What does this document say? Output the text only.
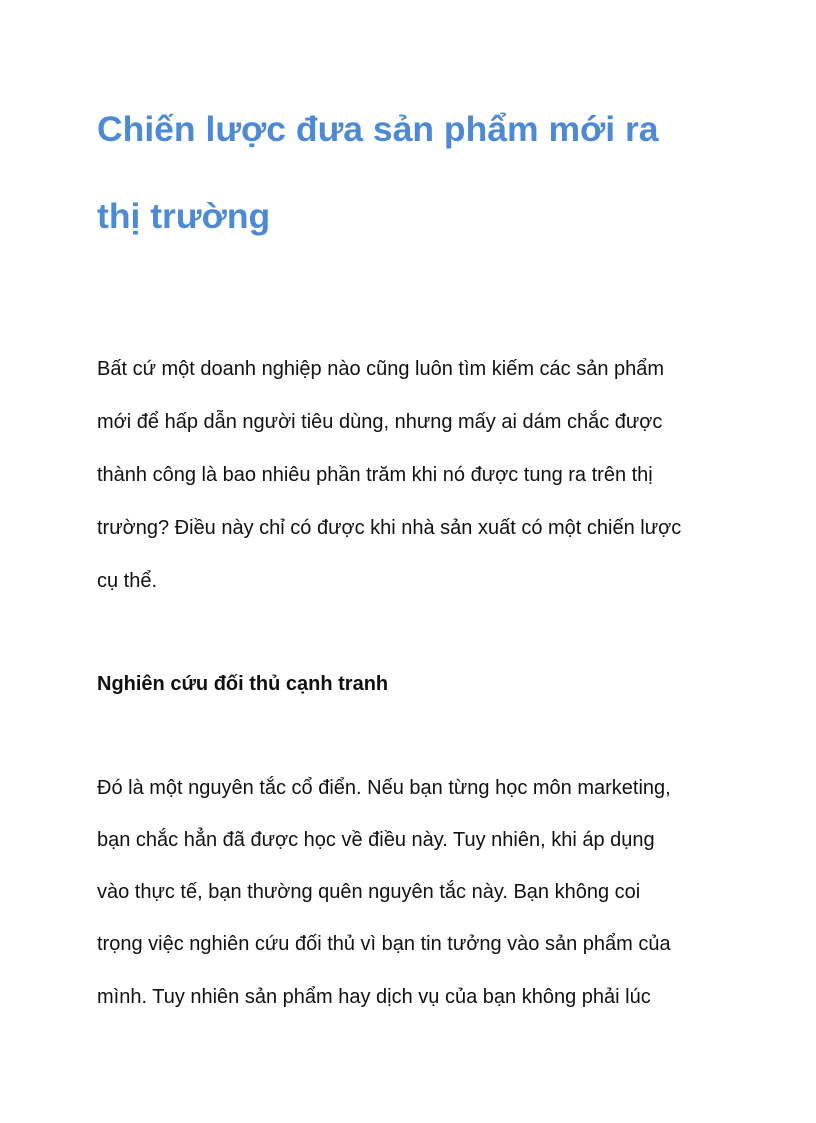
Chiến lược đưa sản phẩm mới ra
thị trường

Bất cứ một doanh nghiệp nào cũng luôn tìm kiếm các sản phẩm

mới để hấp dẫn người tiêu dùng, nhưng mấy ai dám chắc được

thành công là bao nhiêu phần trăm khi nó được tung ra trên thị

trường? Điều này chỉ có được khi nhà sản xuất có một chiến lược

cụ thể.

Nghiên cứu đối thủ cạnh tranh

Đó là một nguyên tắc cổ điển. Nếu bạn từng học môn marketing,

bạn chắc hẳn đã được học về điều này. Tuy nhiên, khi áp dụng

vào thực tế, bạn thường quên nguyên tắc này. Bạn không coi

trọng việc nghiên cứu đối thủ vì bạn tin tưởng vào sản phẩm của

mình. Tuy nhiên sản phẩm hay dịch vụ của bạn không phải lúc
